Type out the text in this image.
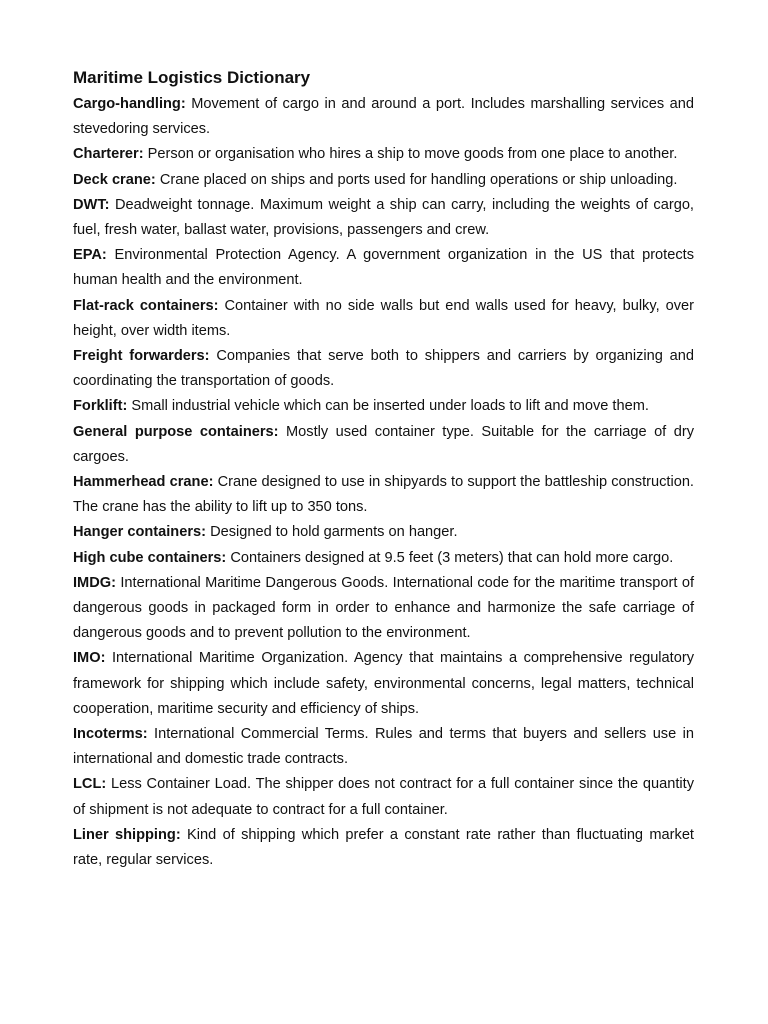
Maritime Logistics Dictionary

Cargo-handling: Movement of cargo in and around a port. Includes marshalling services and stevedoring services.

Charterer: Person or organisation who hires a ship to move goods from one place to another.

Deck crane: Crane placed on ships and ports used for handling operations or ship unloading.

DWT: Deadweight tonnage. Maximum weight a ship can carry, including the weights of cargo, fuel, fresh water, ballast water, provisions, passengers and crew.

EPA: Environmental Protection Agency. A government organization in the US that protects human health and the environment.

Flat-rack containers: Container with no side walls but end walls used for heavy, bulky, over height, over width items.

Freight forwarders: Companies that serve both to shippers and carriers by organizing and coordinating the transportation of goods.

Forklift: Small industrial vehicle which can be inserted under loads to lift and move them.

General purpose containers: Mostly used container type. Suitable for the carriage of dry cargoes.

Hammerhead crane: Crane designed to use in shipyards to support the battleship construction. The crane has the ability to lift up to 350 tons.

Hanger containers: Designed to hold garments on hanger.

High cube containers: Containers designed at 9.5 feet (3 meters) that can hold more cargo.

IMDG: International Maritime Dangerous Goods. International code for the maritime transport of dangerous goods in packaged form in order to enhance and harmonize the safe carriage of dangerous goods and to prevent pollution to the environment.

IMO: International Maritime Organization. Agency that maintains a comprehensive regulatory framework for shipping which include safety, environmental concerns, legal matters, technical cooperation, maritime security and efficiency of ships.

Incoterms: International Commercial Terms. Rules and terms that buyers and sellers use in international and domestic trade contracts.

LCL: Less Container Load. The shipper does not contract for a full container since the quantity of shipment is not adequate to contract for a full container.

Liner shipping: Kind of shipping which prefer a constant rate rather than fluctuating market rate, regular services.
